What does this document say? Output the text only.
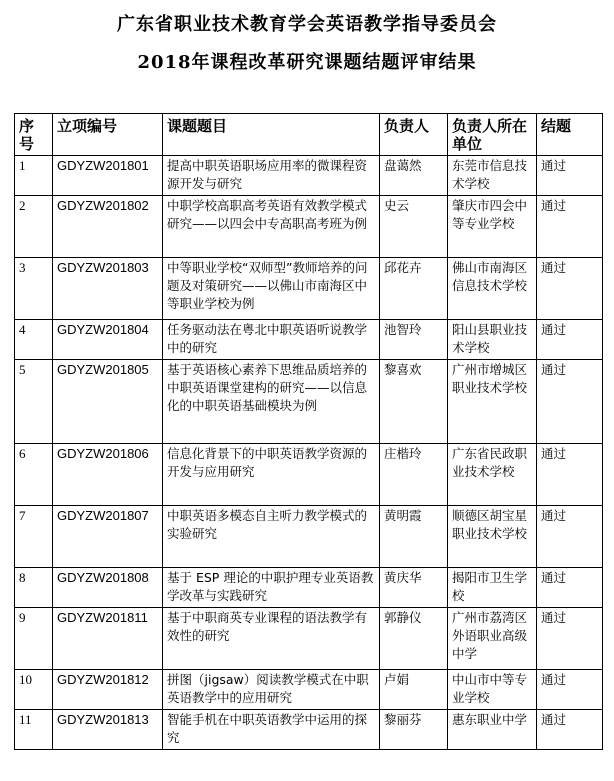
广东省职业技术教育学会英语教学指导委员会
2018年课程改革研究课题结题评审结果
序号	立项编号	课题题目	负责人	负责人所在单位	结题
1	GDYZW201801	提高中职英语职场应用率的微课程资源开发与研究	盘蔼然	东莞市信息技术学校	通过
2	GDYZW201802	中职学校高职高考英语有效教学模式研究——以四会中专高职高考班为例	史云	肇庆市四会中等专业学校	通过
3	GDYZW201803	中等职业学校“双师型”教师培养的问题及对策研究——以佛山市南海区中等职业学校为例	邱花卉	佛山市南海区信息技术学校	通过
4	GDYZW201804	任务驱动法在粤北中职英语听说教学中的研究	池智玲	阳山县职业技术学校	通过
5	GDYZW201805	基于英语核心素养下思维品质培养的中职英语课堂建构的研究——以信息化的中职英语基础模块为例	黎喜欢	广州市增城区职业技术学校	通过
6	GDYZW201806	信息化背景下的中职英语教学资源的开发与应用研究	庄楷玲	广东省民政职业技术学校	通过
7	GDYZW201807	中职英语多模态自主听力教学模式的实验研究	黄明霞	顺德区胡宝星职业技术学校	通过
8	GDYZW201808	基于 ESP 理论的中职护理专业英语教学改革与实践研究	黄庆华	揭阳市卫生学校	通过
9	GDYZW201811	基于中职商英专业课程的语法教学有效性的研究	郭静仪	广州市荔湾区外语职业高级中学	通过
10	GDYZW201812	拼图（jigsaw）阅读教学模式在中职英语教学中的应用研究	卢娟	中山市中等专业学校	通过
11	GDYZW201813	智能手机在中职英语教学中运用的探究	黎丽芬	惠东职业中学	通过
